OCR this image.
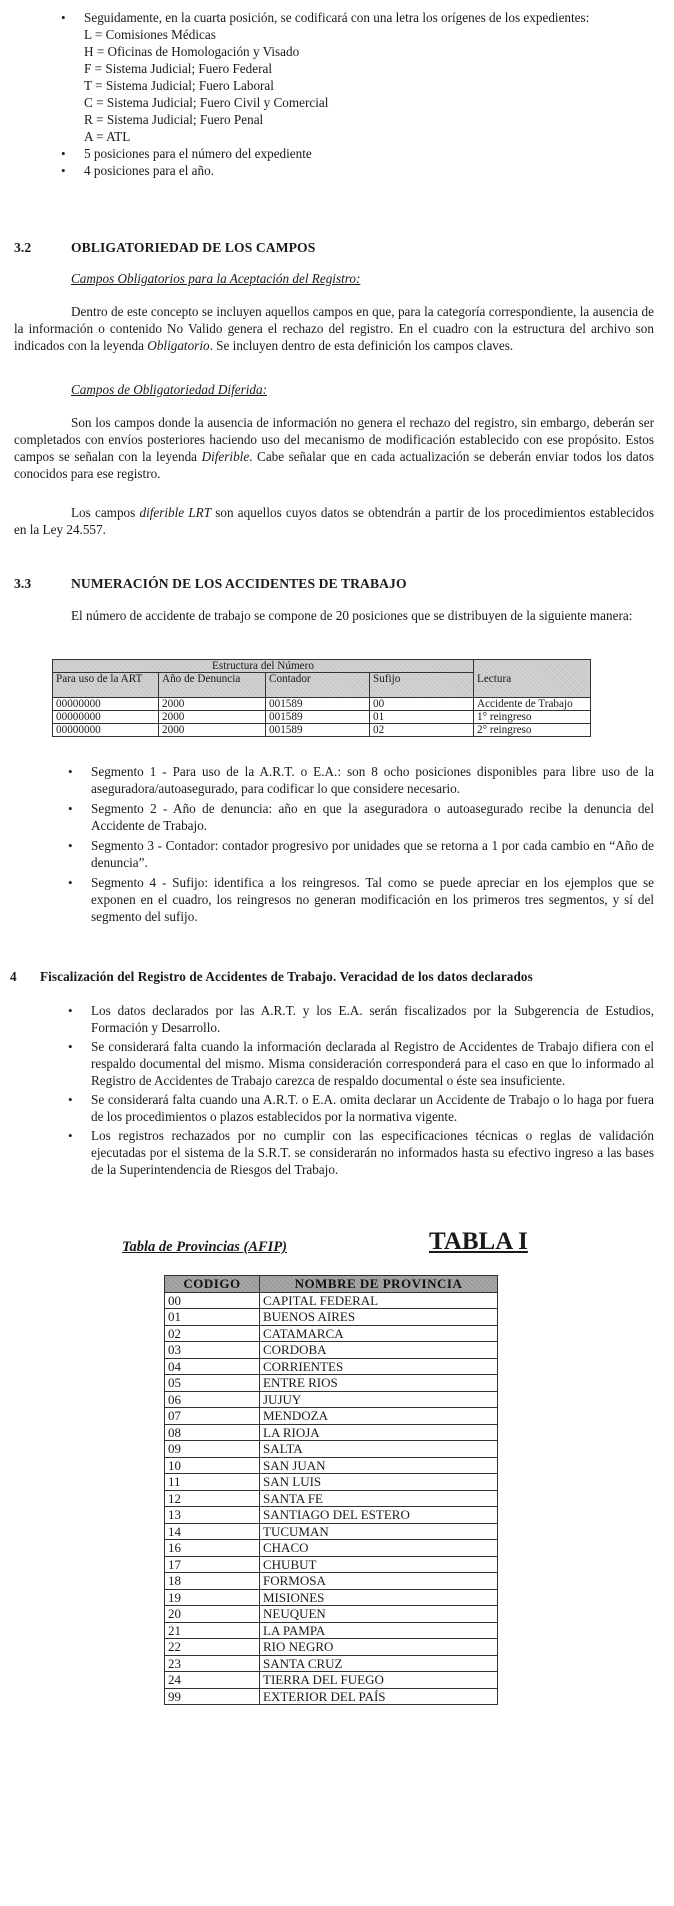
• Seguidamente, en la cuarta posición, se codificará con una letra los orígenes de los expedientes:
L = Comisiones Médicas
H = Oficinas de Homologación y Visado
F = Sistema Judicial; Fuero Federal
T = Sistema Judicial; Fuero Laboral
C = Sistema Judicial; Fuero Civil y Comercial
R = Sistema Judicial; Fuero Penal
A = ATL
• 5 posiciones para el número del expediente
• 4 posiciones para el año.
3.2	OBLIGATORIEDAD DE LOS CAMPOS
Campos Obligatorios para la Aceptación del Registro:
Dentro de este concepto se incluyen aquellos campos en que, para la categoría correspondiente, la ausencia de la información o contenido No Valido genera el rechazo del registro. En el cuadro con la estructura del archivo son indicados con la leyenda Obligatorio. Se incluyen dentro de esta definición los campos claves.
Campos de Obligatoriedad Diferida:
Son los campos donde la ausencia de información no genera el rechazo del registro, sin embargo, deberán ser completados con envíos posteriores haciendo uso del mecanismo de modificación establecido con ese propósito. Estos campos se señalan con la leyenda Diferible. Cabe señalar que en cada actualización se deberán enviar todos los datos conocidos para ese registro.
Los campos diferible LRT son aquellos cuyos datos se obtendrán a partir de los procedimientos establecidos en la Ley 24.557.
3.3	NUMERACIÓN DE LOS ACCIDENTES DE TRABAJO
El número de accidente de trabajo se compone de 20 posiciones que se distribuyen de la siguiente manera:
Estructura del Número				Lectura
Para uso de la ART	Año de Denuncia	Contador	Sufijo	
00000000	2000	001589	00	Accidente de Trabajo
00000000	2000	001589	01	1° reingreso
00000000	2000	001589	02	2° reingreso
• Segmento 1 - Para uso de la A.R.T. o E.A.: son 8 ocho posiciones disponibles para libre uso de la aseguradora/autoasegurado, para codificar lo que considere necesario.
• Segmento 2 - Año de denuncia: año en que la aseguradora o autoasegurado recibe la denuncia del Accidente de Trabajo.
• Segmento 3 - Contador: contador progresivo por unidades que se retorna a 1 por cada cambio en “Año de denuncia”.
• Segmento 4 - Sufijo: identifica a los reingresos. Tal como se puede apreciar en los ejemplos que se exponen en el cuadro, los reingresos no generan modificación en los primeros tres segmentos, y sí del segmento del sufijo.
4 Fiscalización del Registro de Accidentes de Trabajo. Veracidad de los datos declarados
• Los datos declarados por las A.R.T. y los E.A. serán fiscalizados por la Subgerencia de Estudios, Formación y Desarrollo.
• Se considerará falta cuando la información declarada al Registro de Accidentes de Trabajo difiera con el respaldo documental del mismo. Misma consideración corresponderá para el caso en que lo informado al Registro de Accidentes de Trabajo carezca de respaldo documental o éste sea insuficiente.
• Se considerará falta cuando una A.R.T. o E.A. omita declarar un Accidente de Trabajo o lo haga por fuera de los procedimientos o plazos establecidos por la normativa vigente.
• Los registros rechazados por no cumplir con las especificaciones técnicas o reglas de validación ejecutadas por el sistema de la S.R.T. se considerarán no informados hasta su efectivo ingreso a las bases de la Superintendencia de Riesgos del Trabajo.
Tabla de Provincias (AFIP)	TABLA I
CODIGO	NOMBRE DE PROVINCIA
00	CAPITAL FEDERAL
01	BUENOS AIRES
02	CATAMARCA
03	CORDOBA
04	CORRIENTES
05	ENTRE RIOS
06	JUJUY
07	MENDOZA
08	LA RIOJA
09	SALTA
10	SAN JUAN
11	SAN LUIS
12	SANTA FE
13	SANTIAGO DEL ESTERO
14	TUCUMAN
16	CHACO
17	CHUBUT
18	FORMOSA
19	MISIONES
20	NEUQUEN
21	LA PAMPA
22	RIO NEGRO
23	SANTA CRUZ
24	TIERRA DEL FUEGO
99	EXTERIOR DEL PAÍS
